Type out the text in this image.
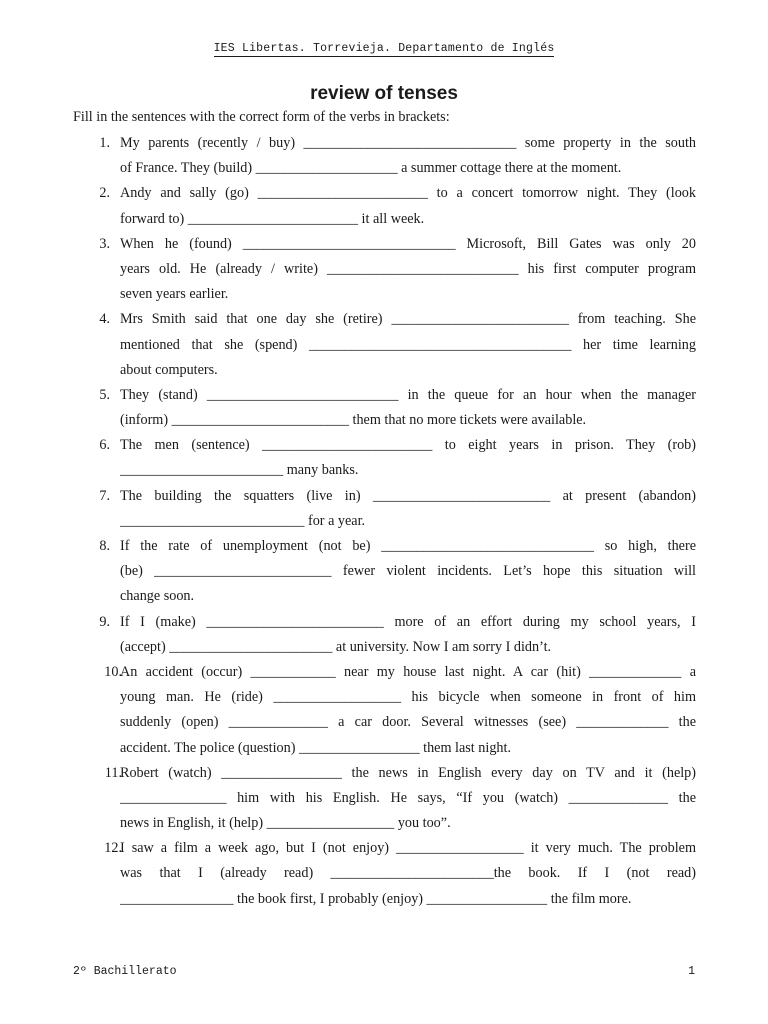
IES Libertas. Torrevieja. Departamento de Inglés
review of tenses
Fill in the sentences with the correct form of the verbs in brackets:
1. My parents (recently / buy) ______________________________ some property in the south
of France. They (build) ____________________ a summer cottage there at the moment.
2. Andy and sally (go) ________________________ to a concert tomorrow night. They (look
forward to) ________________________ it all week.
3. When he (found) ______________________________ Microsoft, Bill Gates was only 20
years old. He (already / write) ___________________________ his first computer program
seven years earlier.
4. Mrs Smith said that one day she (retire) _________________________ from teaching. She
mentioned that she (spend) _____________________________________ her time learning
about computers.
5. They (stand) ___________________________ in the queue for an hour when the manager
(inform) _________________________ them that no more tickets were available.
6. The men (sentence) ________________________ to eight years in prison. They (rob)
_______________________ many banks.
7. The building the squatters (live in) _________________________ at present (abandon)
__________________________ for a year.
8. If the rate of unemployment (not be) ______________________________ so high, there
(be) _________________________ fewer violent incidents. Let’s hope this situation will
change soon.
9. If I (make) _________________________ more of an effort during my school years, I
(accept) _______________________ at university. Now I am sorry I didn’t.
10.
An accident (occur) ____________ near my house last night. A car (hit) _____________ a
young man. He (ride) __________________ his bicycle when someone in front of him
suddenly (open) ______________ a car door. Several witnesses (see) _____________ the
accident. The police (question) _________________ them last night.
11.
Robert (watch) _________________ the news in English every day on TV and it (help)
_______________ him with his English. He says, “If you (watch) ______________ the
news in English, it (help) __________________ you too”.
12.
I saw a film a week ago, but I (not enjoy) __________________ it very much. The problem
was that I (already read) _______________________the book. If I (not read)
________________ the book first, I probably (enjoy) _________________ the film more.
2º Bachillerato	1
